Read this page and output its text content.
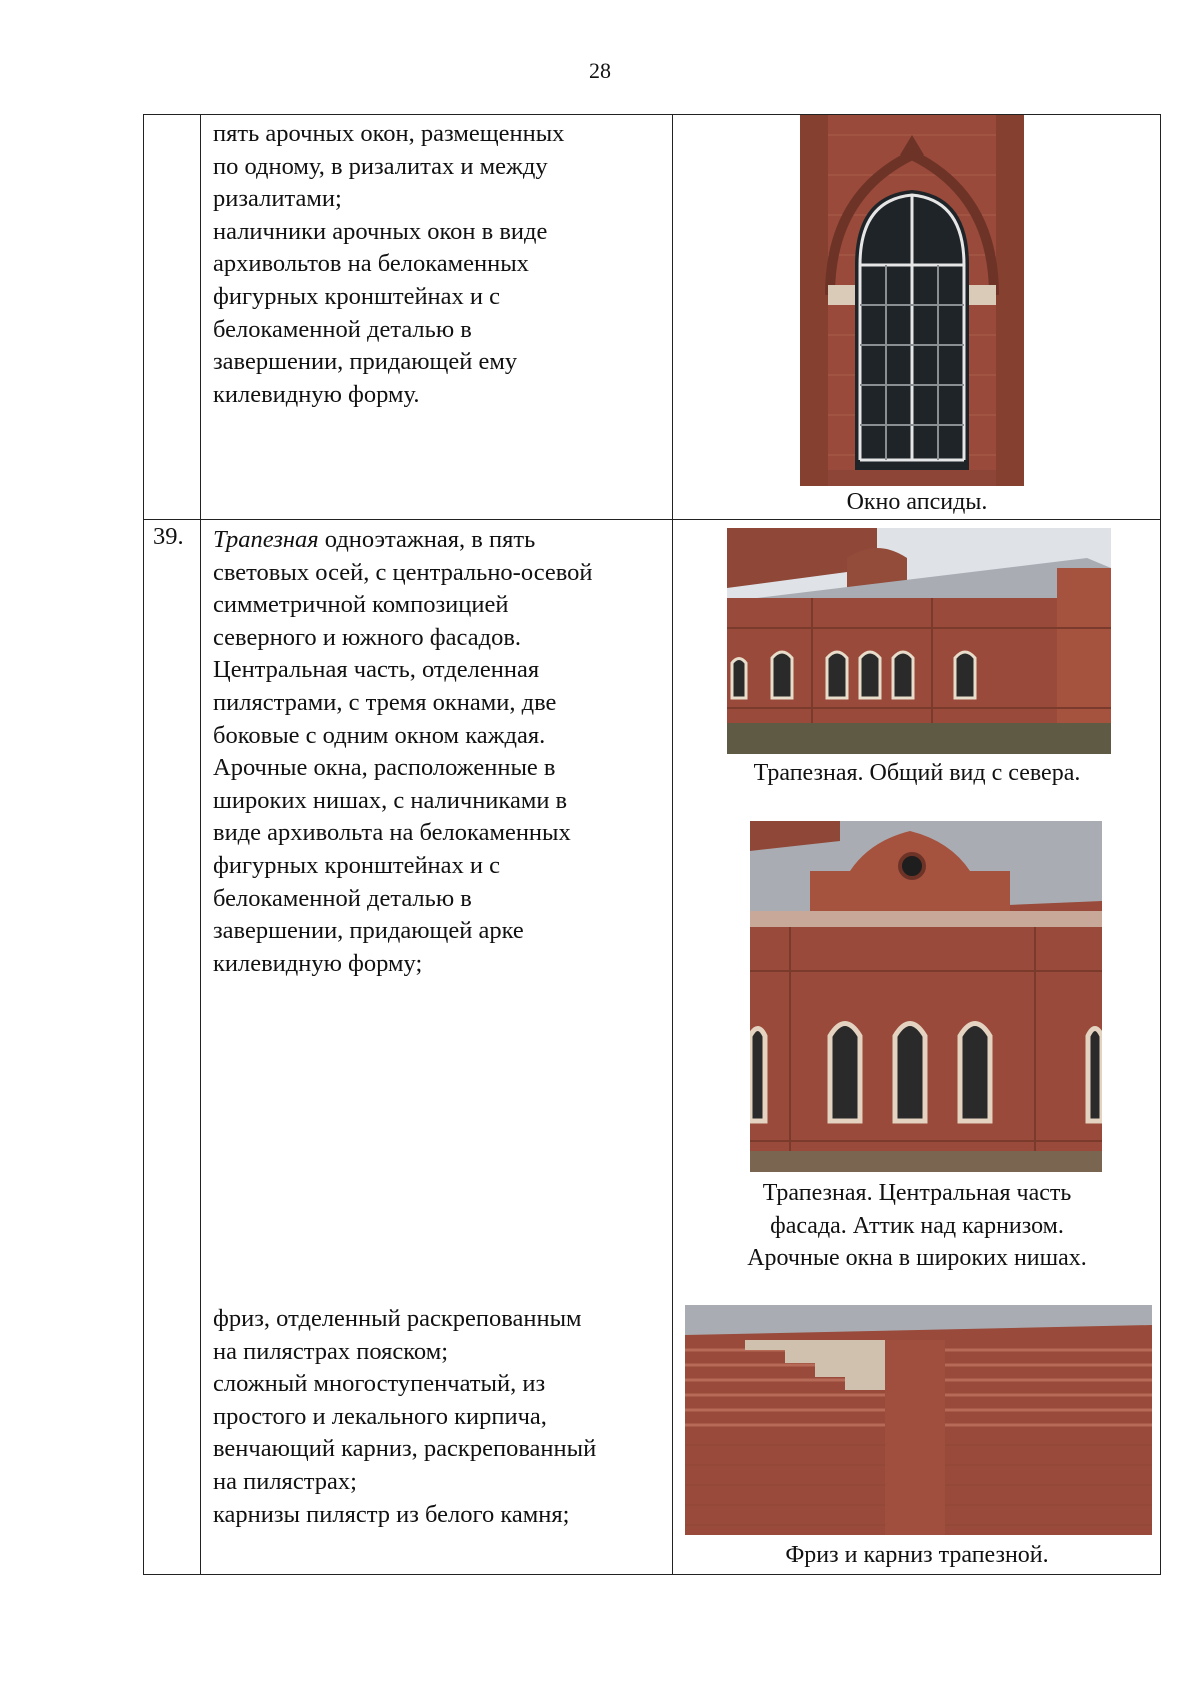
28
пять арочных окон, размещенных
по одному, в ризалитах и между
ризалитами;
наличники арочных окон в виде
архивольтов на белокаменных
фигурных кронштейнах и с
белокаменной деталью в
завершении, придающей ему
килевидную форму.
Окно апсиды.
39. Трапезная одноэтажная, в пять
световых осей, с центрально-осевой
симметричной композицией
северного и южного фасадов.
Центральная часть, отделенная
пилястрами, с тремя окнами, две
боковые с одним окном каждая.
Арочные окна, расположенные в
широких нишах, с наличниками в
виде архивольта на белокаменных
фигурных кронштейнах и с
белокаменной деталью в
завершении, придающей арке
килевидную форму;
Трапезная. Общий вид с севера.
Трапезная. Центральная часть
фасада. Аттик над карнизом.
Арочные окна в широких нишах.
фриз, отделенный раскрепованным
на пилястрах пояском;
сложный многоступенчатый, из
простого и лекального кирпича,
венчающий карниз, раскрепованный
на пилястрах;
карнизы пилястр из белого камня;
Фриз и карниз трапезной.
